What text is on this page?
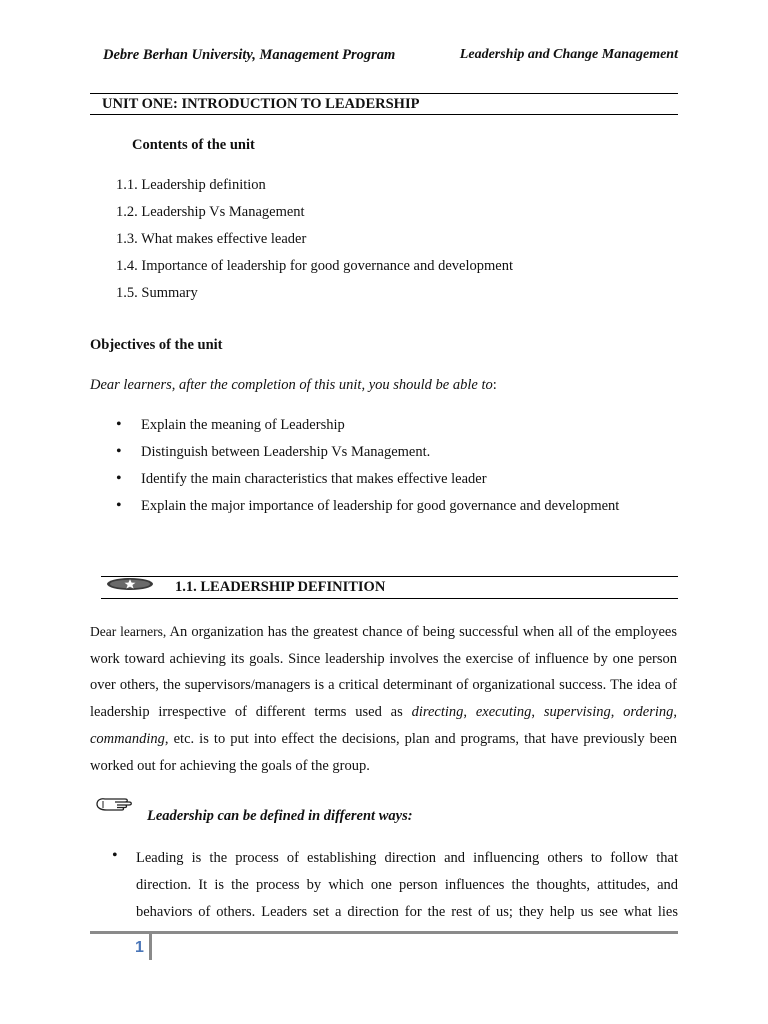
Debre Berhan University, Management Program	Leadership and Change Management
UNIT ONE: INTRODUCTION TO LEADERSHIP
Contents of the unit
1.1. Leadership definition
1.2. Leadership Vs Management
1.3. What makes effective leader
1.4. Importance of leadership for good governance and development
1.5. Summary
Objectives of the unit
Dear learners, after the completion of this unit, you should be able to:
• Explain the meaning of Leadership
• Distinguish between Leadership Vs Management.
• Identify the main characteristics that makes effective leader
• Explain the major importance of leadership for good governance and development
1.1. LEADERSHIP DEFINITION
Dear learners, An organization has the greatest chance of being successful when all of the employees work toward achieving its goals. Since leadership involves the exercise of influence by one person over others, the supervisors/managers is a critical determinant of organizational success. The idea of leadership irrespective of different terms used as directing, executing, supervising, ordering, commanding, etc. is to put into effect the decisions, plan and programs, that have previously been worked out for achieving the goals of the group.
Leadership can be defined in different ways:
• Leading is the process of establishing direction and influencing others to follow that
direction. It is the process by which one person influences the thoughts, attitudes, and
behaviors of others. Leaders set a direction for the rest of us; they help us see what lies
1
